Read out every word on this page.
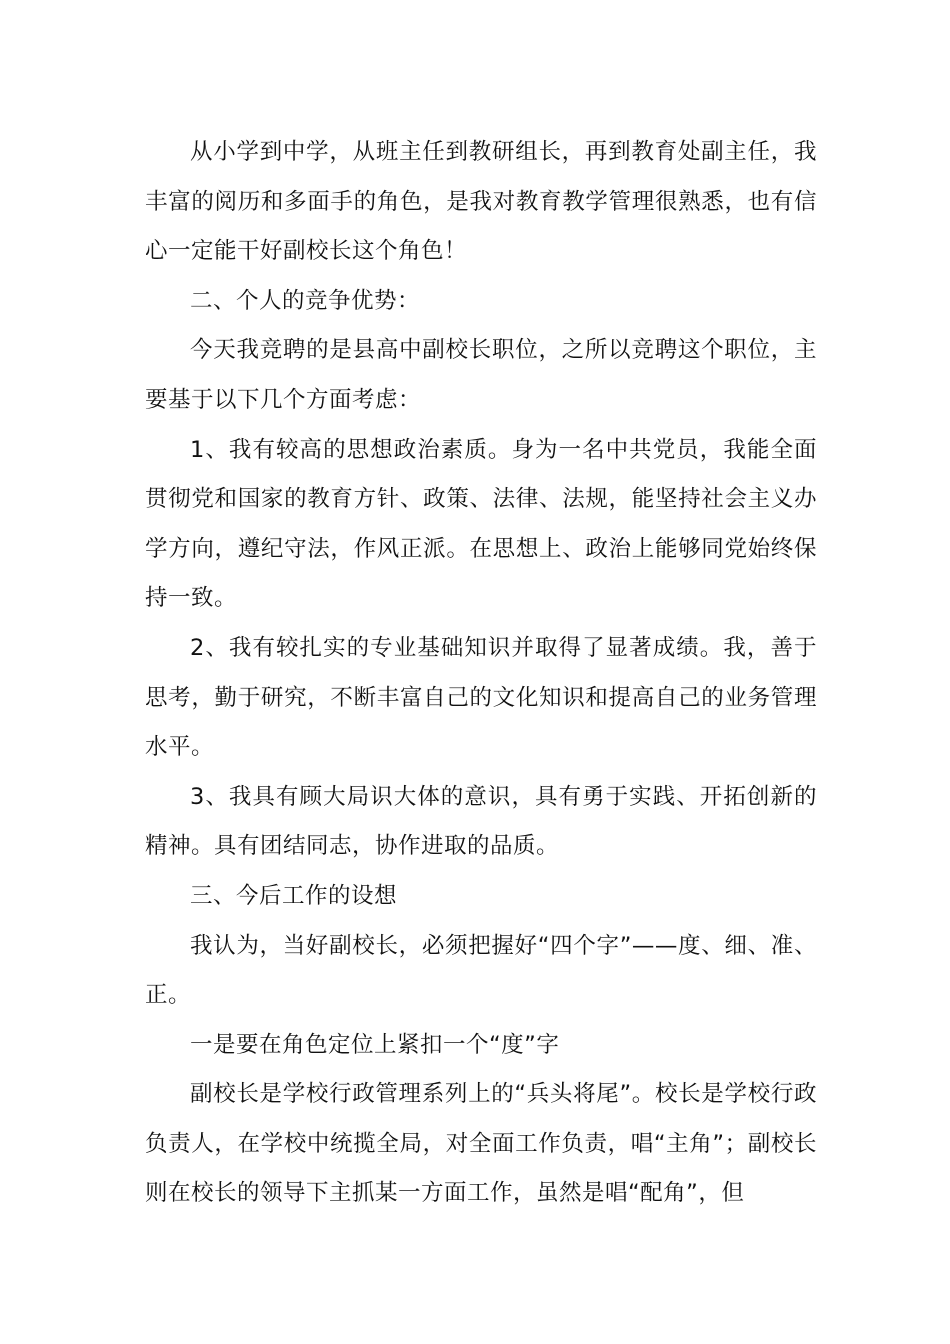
从小学到中学，从班主任到教研组长，再到教育处副主任，我丰富的阅历和多面手的角色，是我对教育教学管理很熟悉，也有信心一定能干好副校长这个角色！

二、个人的竞争优势：

今天我竞聘的是县高中副校长职位，之所以竞聘这个职位，主要基于以下几个方面考虑：

1、我有较高的思想政治素质。身为一名中共党员，我能全面贯彻党和国家的教育方针、政策、法律、法规，能坚持社会主义办学方向，遵纪守法，作风正派。在思想上、政治上能够同党始终保持一致。

2、我有较扎实的专业基础知识并取得了显著成绩。我，善于思考，勤于研究，不断丰富自己的文化知识和提高自己的业务管理水平。

3、我具有顾大局识大体的意识，具有勇于实践、开拓创新的精神。具有团结同志，协作进取的品质。

三、今后工作的设想

我认为，当好副校长，必须把握好“四个字”——度、细、准、正。

一是要在角色定位上紧扣一个“度”字

副校长是学校行政管理系列上的“兵头将尾”。校长是学校行政负责人，在学校中统揽全局，对全面工作负责，唱“主角”；副校长则在校长的领导下主抓某一方面工作，虽然是唱“配角”，但
